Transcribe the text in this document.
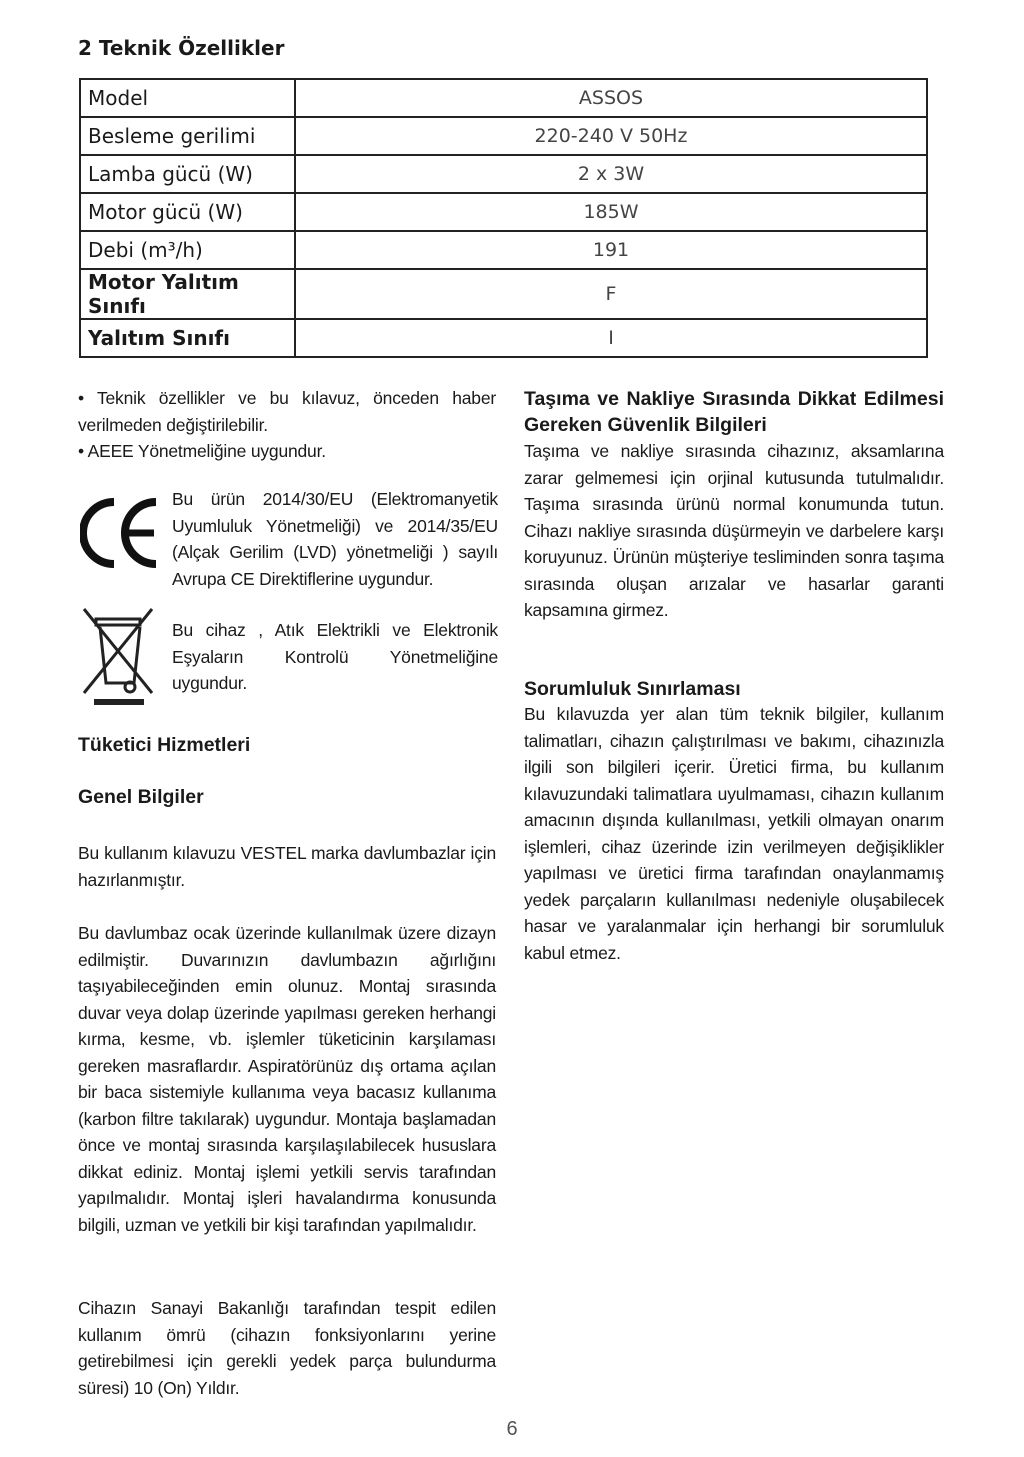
2 Teknik Özellikler
Model	ASSOS
Besleme gerilimi	220-240 V 50Hz
Lamba gücü (W)	2 x 3W
Motor gücü (W)	185W
Debi (m³/h)	191
Motor Yalıtım Sınıfı	F
Yalıtım Sınıfı	I

• Teknik özellikler ve bu kılavuz, önceden haber verilmeden değiştirilebilir.

• AEEE Yönetmeliğine uygundur.

Bu ürün 2014/30/EU (Elektromanyetik Uyumluluk Yönetmeliği) ve 2014/35/EU (Alçak Gerilim (LVD) yönetmeliği ) sayılı Avrupa CE Direktiflerine uygundur.

Bu cihaz , Atık Elektrikli ve Elektronik Eşyaların Kontrolü Yönetmeliğine uygundur.

Tüketici Hizmetleri

Genel Bilgiler

Bu kullanım kılavuzu VESTEL marka davlumbazlar için hazırlanmıştır.

Bu davlumbaz ocak üzerinde kullanılmak üzere dizayn edilmiştir. Duvarınızın davlumbazın ağırlığını taşıyabileceğinden emin olunuz. Montaj sırasında duvar veya dolap üzerinde yapılması gereken herhangi kırma, kesme, vb. işlemler tüketicinin karşılaması gereken masraflardır. Aspiratörünüz dış ortama açılan bir baca sistemiyle kullanıma veya bacasız kullanıma (karbon filtre takılarak) uygundur. Montaja başlamadan önce ve montaj sırasında karşılaşılabilecek hususlara dikkat ediniz. Montaj işlemi yetkili servis tarafından yapılmalıdır. Montaj işleri havalandırma konusunda bilgili, uzman ve yetkili bir kişi tarafından yapılmalıdır.

Cihazın Sanayi Bakanlığı tarafından tespit edilen kullanım ömrü (cihazın fonksiyonlarını yerine getirebilmesi için gerekli yedek parça bulundurma süresi) 10 (On) Yıldır.

Taşıma ve Nakliye Sırasında Dikkat Edilmesi Gereken Güvenlik Bilgileri

Taşıma ve nakliye sırasında cihazınız, aksamlarına zarar gelmemesi için orjinal kutusunda tutulmalıdır. Taşıma sırasında ürünü normal konumunda tutun. Cihazı nakliye sırasında düşürmeyin ve darbelere karşı koruyunuz. Ürünün müşteriye tesliminden sonra taşıma sırasında oluşan arızalar ve hasarlar garanti kapsamına girmez.

Sorumluluk Sınırlaması

Bu kılavuzda yer alan tüm teknik bilgiler, kullanım talimatları, cihazın çalıştırılması ve bakımı, cihazınızla ilgili son bilgileri içerir. Üretici firma, bu kullanım kılavuzundaki talimatlara uyulmaması, cihazın kullanım amacının dışında kullanılması, yetkili olmayan onarım işlemleri, cihaz üzerinde izin verilmeyen değişiklikler yapılması ve üretici firma tarafından onaylanmamış yedek parçaların kullanılması nedeniyle oluşabilecek hasar ve yaralanmalar için herhangi bir sorumluluk kabul etmez.

6
